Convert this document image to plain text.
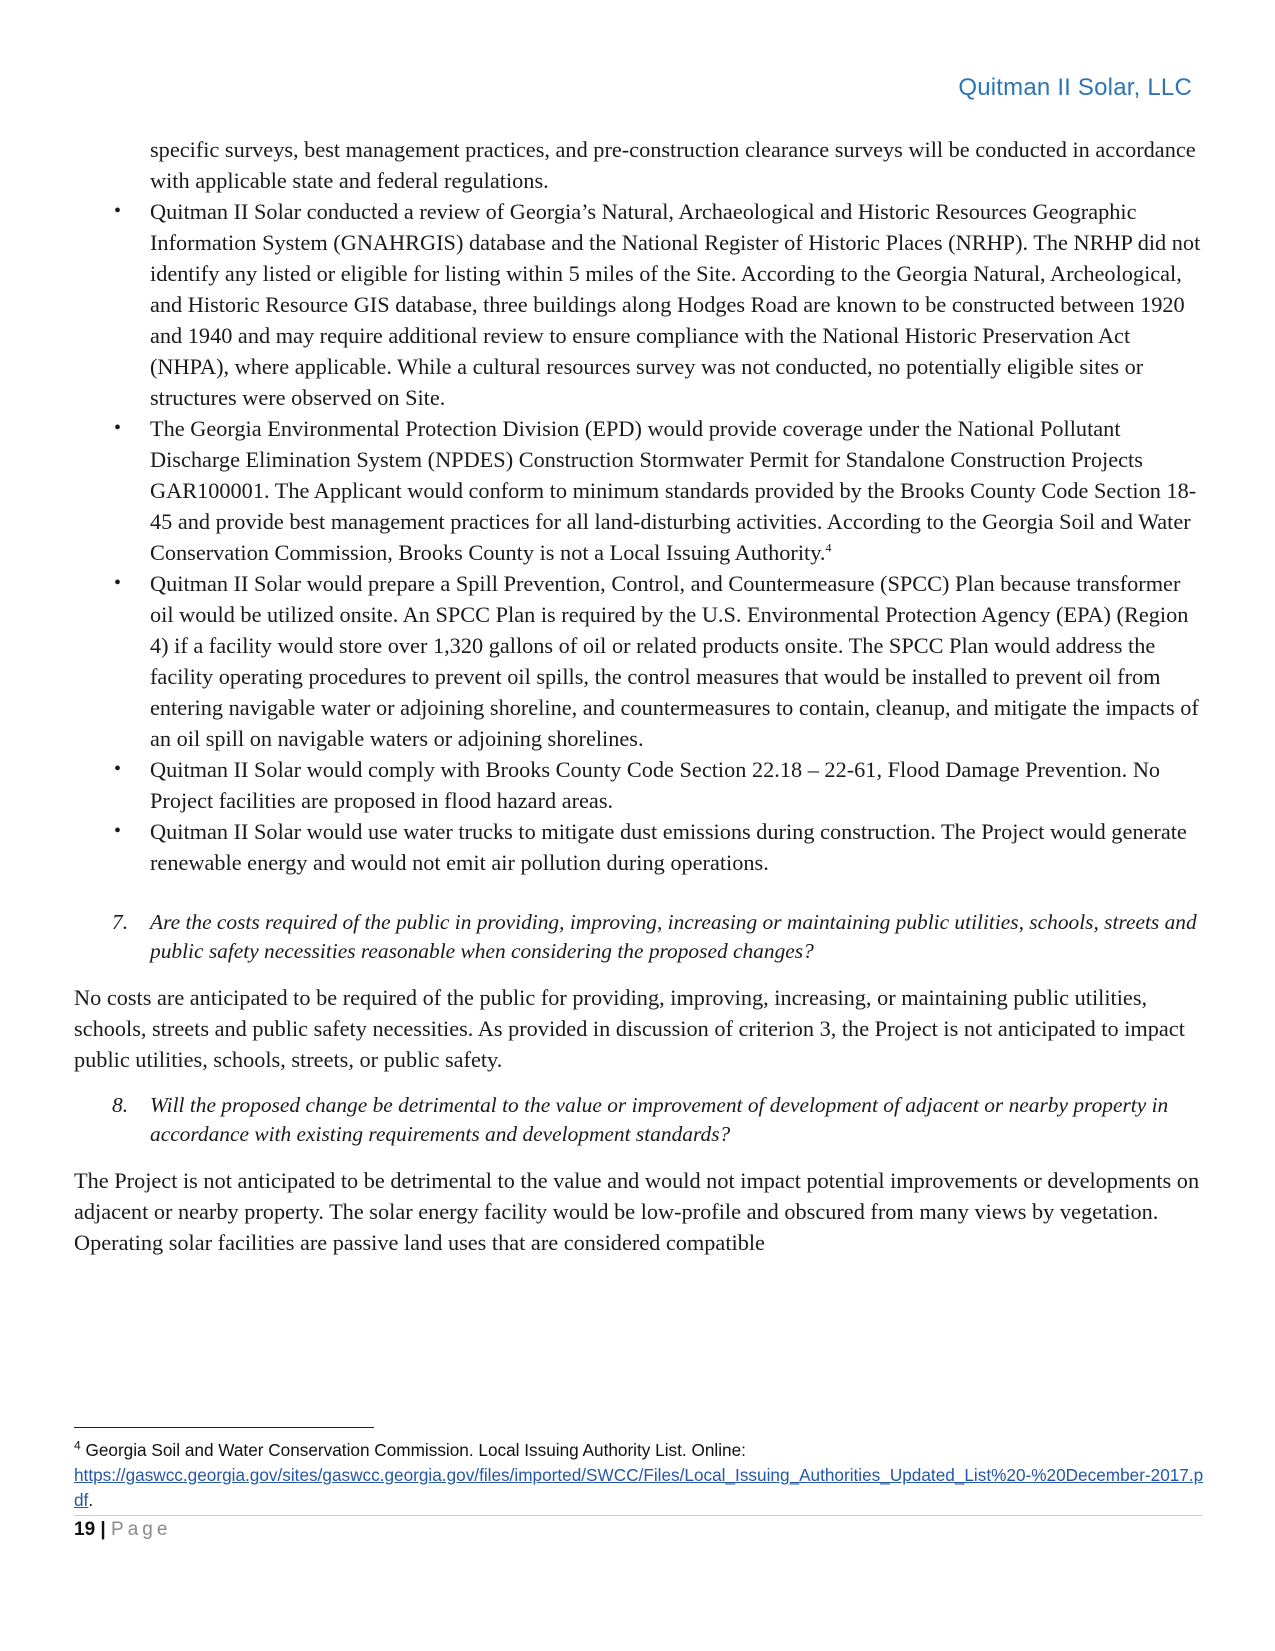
Quitman II Solar, LLC

specific surveys, best management practices, and pre-construction clearance surveys will be conducted in accordance with applicable state and federal regulations.

• Quitman II Solar conducted a review of Georgia’s Natural, Archaeological and Historic Resources Geographic Information System (GNAHRGIS) database and the National Register of Historic Places (NRHP). The NRHP did not identify any listed or eligible for listing within 5 miles of the Site. According to the Georgia Natural, Archeological, and Historic Resource GIS database, three buildings along Hodges Road are known to be constructed between 1920 and 1940 and may require additional review to ensure compliance with the National Historic Preservation Act (NHPA), where applicable. While a cultural resources survey was not conducted, no potentially eligible sites or structures were observed on Site.
• The Georgia Environmental Protection Division (EPD) would provide coverage under the National Pollutant Discharge Elimination System (NPDES) Construction Stormwater Permit for Standalone Construction Projects GAR100001. The Applicant would conform to minimum standards provided by the Brooks County Code Section 18-45 and provide best management practices for all land-disturbing activities. According to the Georgia Soil and Water Conservation Commission, Brooks County is not a Local Issuing Authority.$^4$
• Quitman II Solar would prepare a Spill Prevention, Control, and Countermeasure (SPCC) Plan because transformer oil would be utilized onsite. An SPCC Plan is required by the U.S. Environmental Protection Agency (EPA) (Region 4) if a facility would store over 1,320 gallons of oil or related products onsite. The SPCC Plan would address the facility operating procedures to prevent oil spills, the control measures that would be installed to prevent oil from entering navigable water or adjoining shoreline, and countermeasures to contain, cleanup, and mitigate the impacts of an oil spill on navigable waters or adjoining shorelines.
• Quitman II Solar would comply with Brooks County Code Section 22.18 – 22-61, Flood Damage Prevention. No Project facilities are proposed in flood hazard areas.
• Quitman II Solar would use water trucks to mitigate dust emissions during construction. The Project would generate renewable energy and would not emit air pollution during operations.
7. Are the costs required of the public in providing, improving, increasing or maintaining public utilities, schools, streets and public safety necessities reasonable when considering the proposed changes?

No costs are anticipated to be required of the public for providing, improving, increasing, or maintaining public utilities, schools, streets and public safety necessities. As provided in discussion of criterion 3, the Project is not anticipated to impact public utilities, schools, streets, or public safety.

8. Will the proposed change be detrimental to the value or improvement of development of adjacent or nearby property in accordance with existing requirements and development standards?

The Project is not anticipated to be detrimental to the value and would not impact potential improvements or developments on adjacent or nearby property. The solar energy facility would be low-profile and obscured from many views by vegetation. Operating solar facilities are passive land uses that are considered compatible

$^4$ Georgia Soil and Water Conservation Commission. Local Issuing Authority List. Online:
https://gaswcc.georgia.gov/sites/gaswcc.georgia.gov/files/imported/SWCC/Files/Local_Issuing_Authorities_Updated_List%20-%20December-2017.pdf.
19 | Page
